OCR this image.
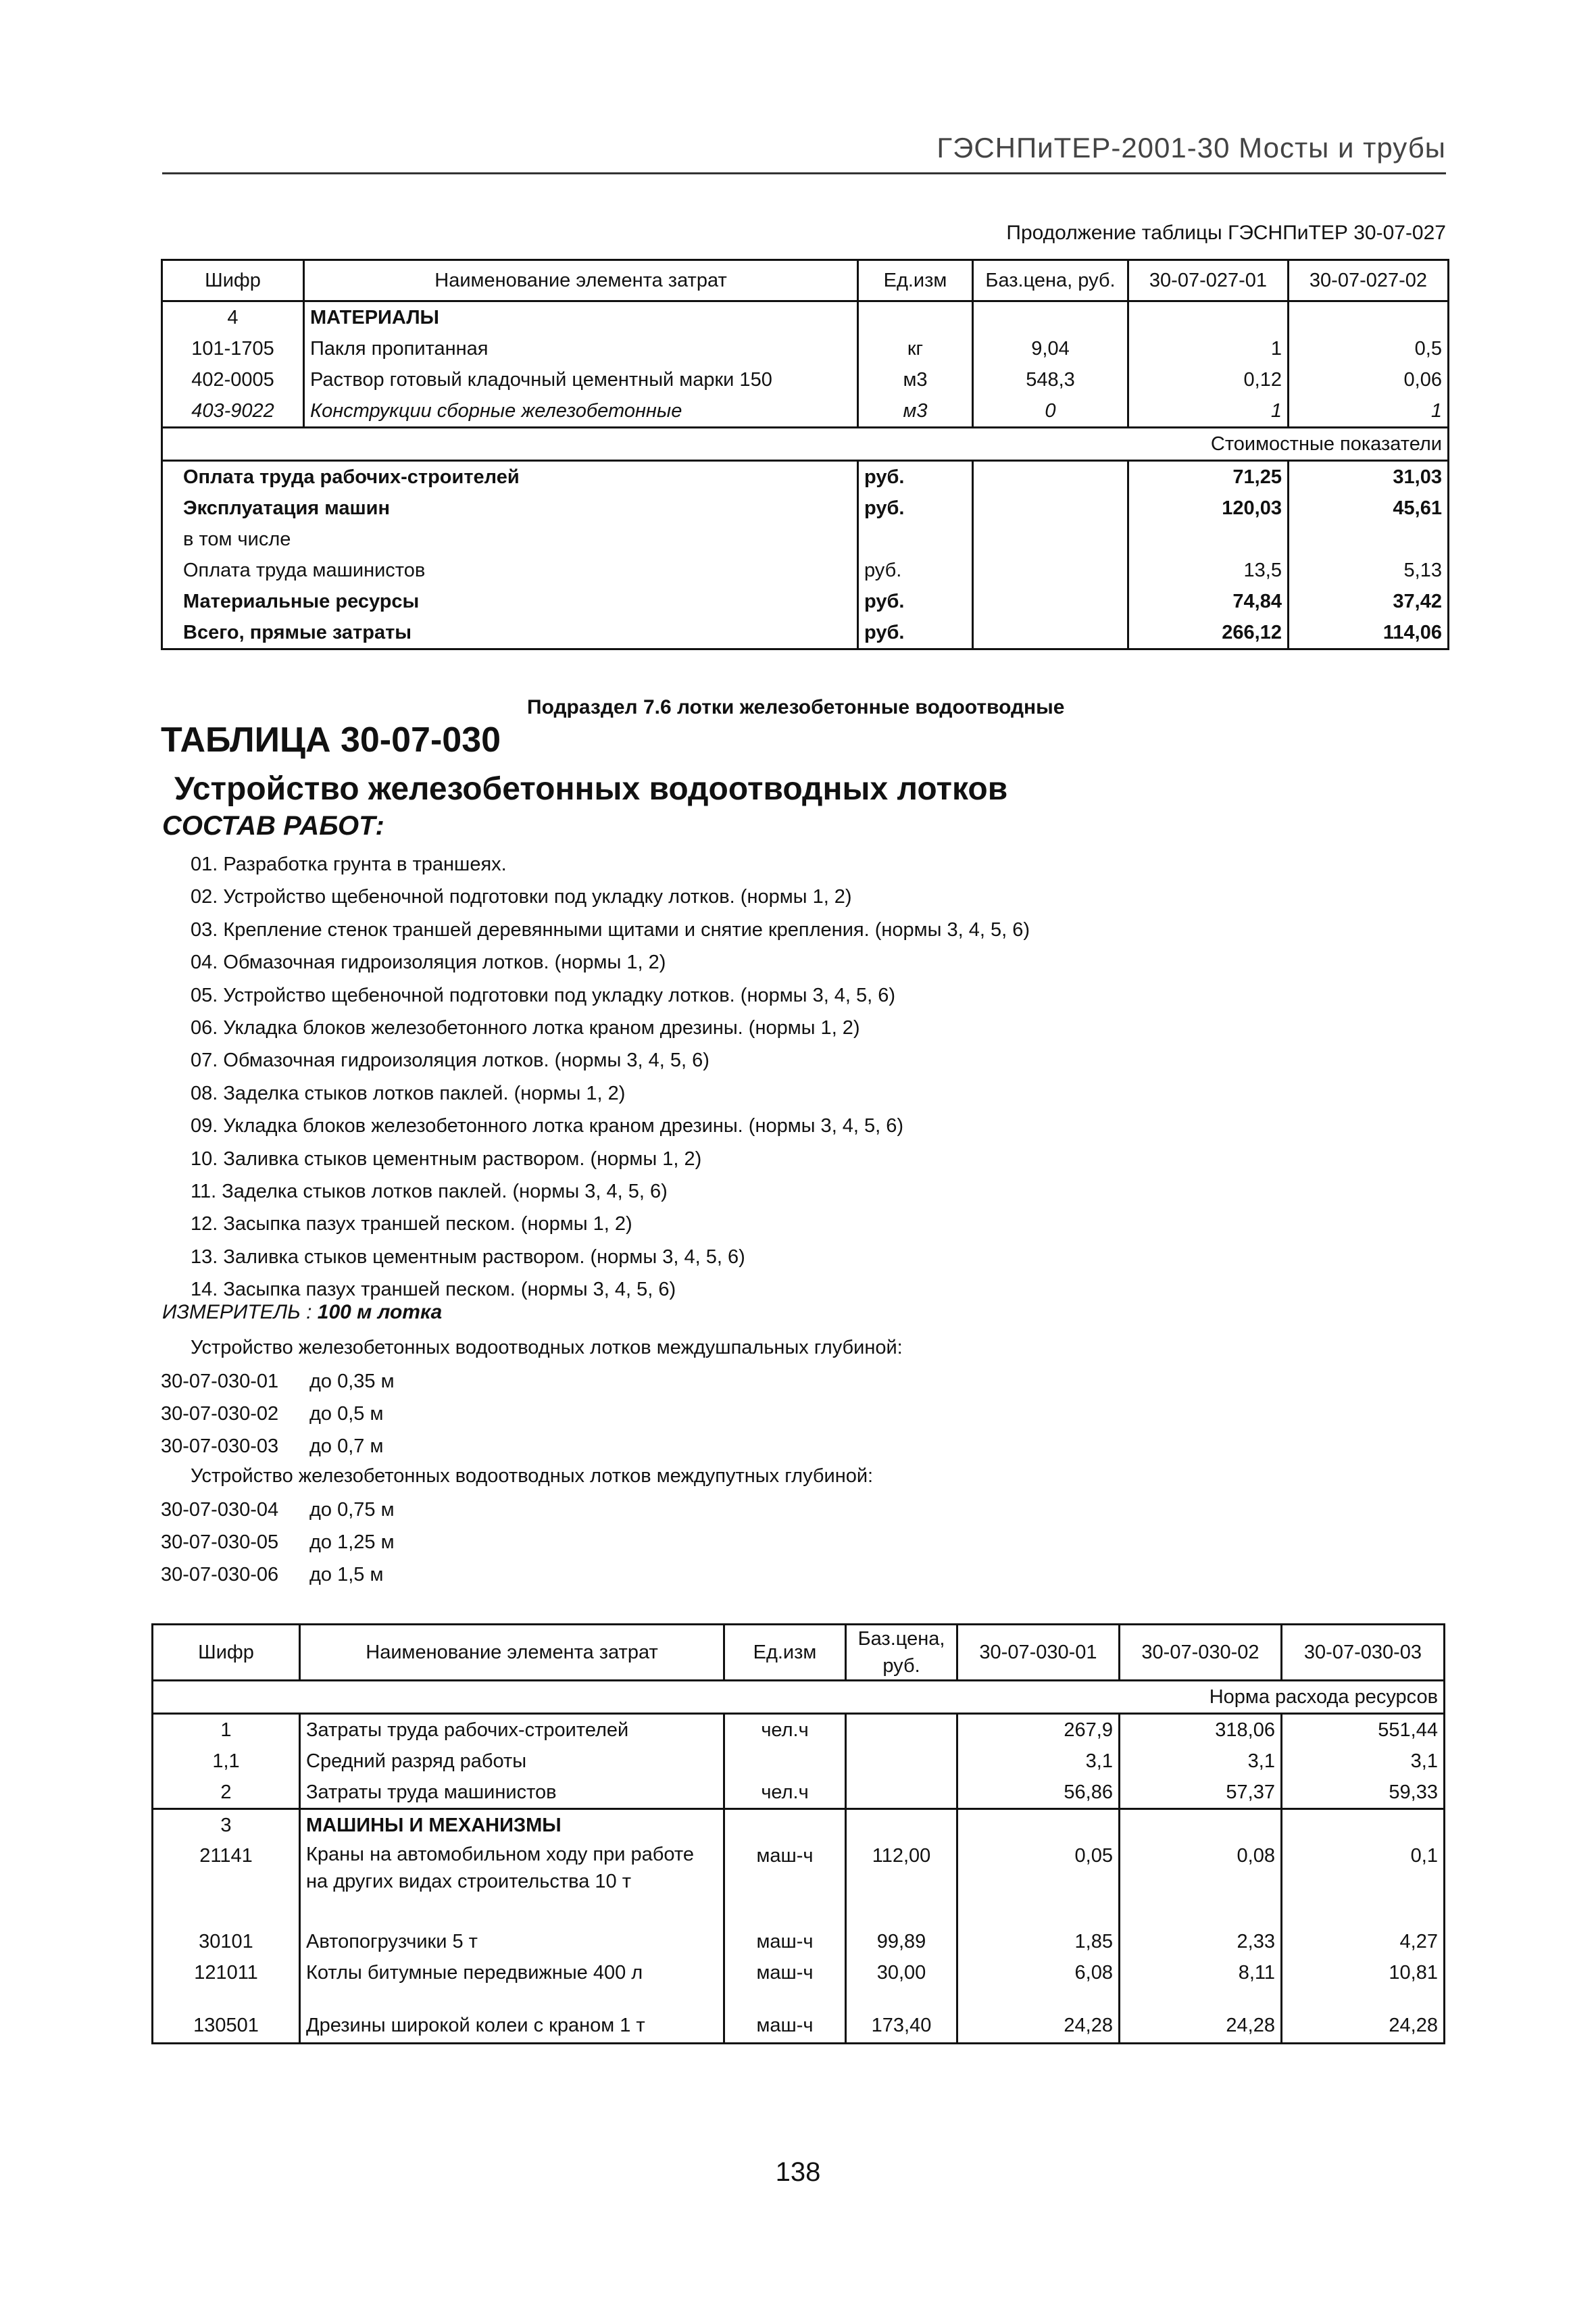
ГЭСНПиТЕР-2001-30 Мосты и трубы
Продолжение таблицы ГЭСНПиТЕР 30-07-027
Шифр	Наименование элемента затрат	Ед.изм	Баз.цена, руб.	30-07-027-01	30-07-027-02
4	МАТЕРИАЛЫ				
101-1705	Пакля пропитанная	кг	9,04	1	0,5
402-0005	Раствор готовый кладочный цементный марки 150	м3	548,3	0,12	0,06
403-9022	Конструкции сборные железобетонные	м3	0	1	1
Стоимостные показатели					
Оплата труда рабочих-строителей		руб.		71,25	31,03
Эксплуатация машин		руб.		120,03	45,61
в том числе					
Оплата труда машинистов		руб.		13,5	5,13
Материальные ресурсы		руб.		74,84	37,42
Всего, прямые затраты		руб.		266,12	114,06
Подраздел 7.6 лотки железобетонные водоотводные
ТАБЛИЦА 30-07-030
Устройство железобетонных водоотводных лотков
СОСТАВ РАБОТ:
01. Разработка грунта в траншеях.
02. Устройство щебеночной подготовки под укладку лотков. (нормы 1, 2)
03. Крепление стенок траншей деревянными щитами и снятие крепления. (нормы 3, 4, 5, 6)
04. Обмазочная гидроизоляция лотков. (нормы 1, 2)
05. Устройство щебеночной подготовки под укладку лотков. (нормы 3, 4, 5, 6)
06. Укладка блоков железобетонного лотка краном дрезины. (нормы 1, 2)
07. Обмазочная гидроизоляция лотков. (нормы 3, 4, 5, 6)
08. Заделка стыков лотков паклей. (нормы 1, 2)
09. Укладка блоков железобетонного лотка краном дрезины. (нормы 3, 4, 5, 6)
10. Заливка стыков цементным раствором. (нормы 1, 2)
11. Заделка стыков лотков паклей. (нормы 3, 4, 5, 6)
12. Засыпка пазух траншей песком. (нормы 1, 2)
13. Заливка стыков цементным раствором. (нормы 3, 4, 5, 6)
14. Засыпка пазух траншей песком. (нормы 3, 4, 5, 6)
ИЗМЕРИТЕЛЬ : 100 м лотка
Устройство железобетонных водоотводных лотков междушпальных глубиной:
30-07-030-01 до 0,35 м
30-07-030-02 до 0,5 м
30-07-030-03 до 0,7 м
Устройство железобетонных водоотводных лотков междупутных глубиной:
30-07-030-04 до 0,75 м
30-07-030-05 до 1,25 м
30-07-030-06 до 1,5 м
Шифр	Наименование элемента затрат	Ед.изм	Баз.цена, руб.	30-07-030-01	30-07-030-02	30-07-030-03
Норма расхода ресурсов						
1	Затраты труда рабочих-строителей	чел.ч		267,9	318,06	551,44
1,1	Средний разряд работы			3,1	3,1	3,1
2	Затраты труда машинистов	чел.ч		56,86	57,37	59,33
3	МАШИНЫ И МЕХАНИЗМЫ					
21141	Краны на автомобильном ходу при работе на других видах строительства 10 т	маш-ч	112,00	0,05	0,08	0,1
30101	Автопогрузчики 5 т	маш-ч	99,89	1,85	2,33	4,27
121011	Котлы битумные передвижные 400 л	маш-ч	30,00	6,08	8,11	10,81
130501	Дрезины широкой колеи с краном 1 т	маш-ч	173,40	24,28	24,28	24,28
138
